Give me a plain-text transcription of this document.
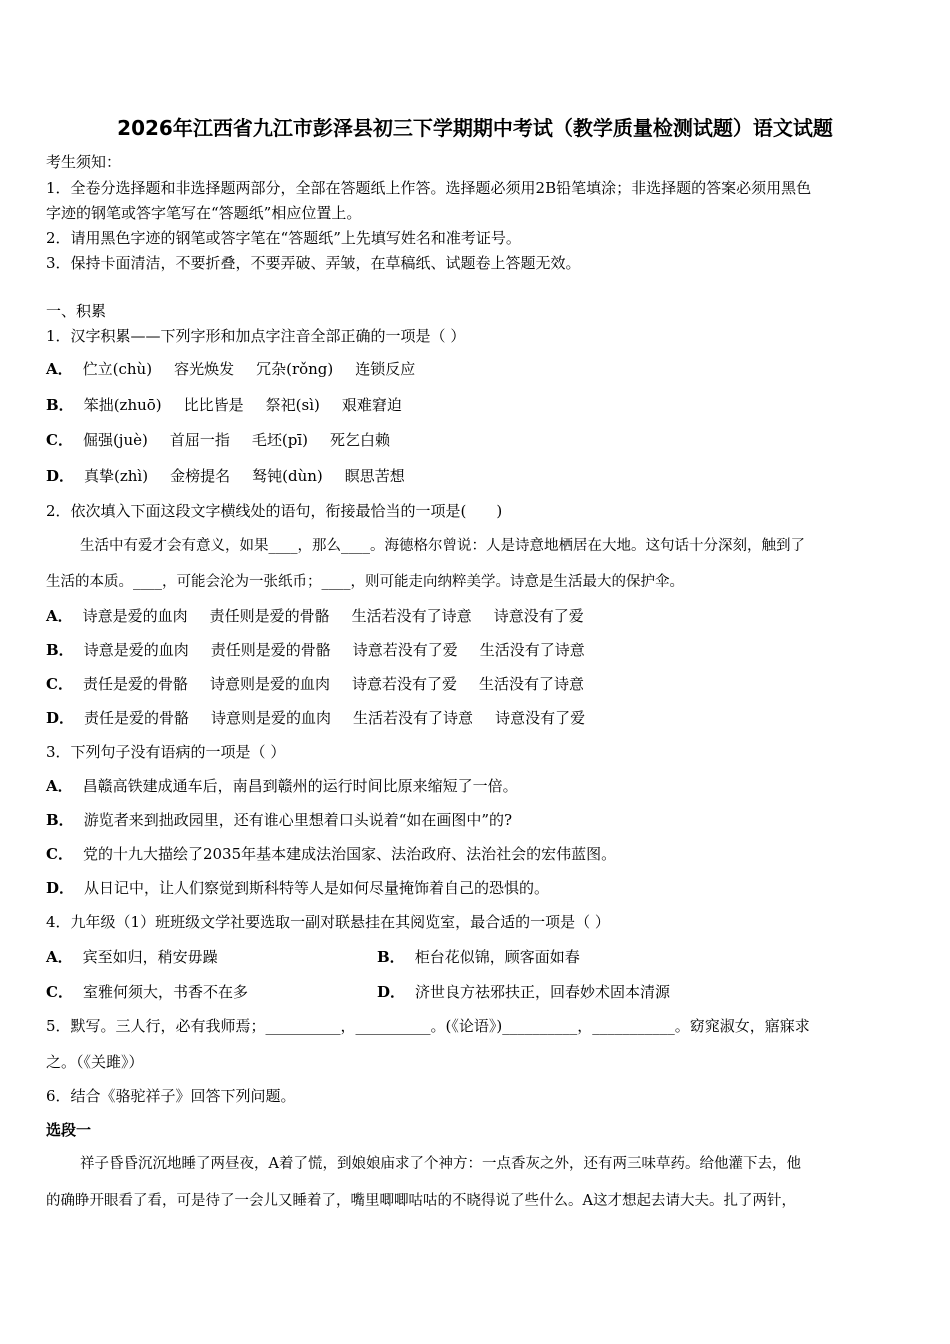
2026年江西省九江市彭泽县初三下学期期中考试（教学质量检测试题）语文试题
考生须知：
1．全卷分选择题和非选择题两部分，全部在答题纸上作答。选择题必须用2B铅笔填涂；非选择题的答案必须用黑色
字迹的钢笔或答字笔写在“答题纸”相应位置上。
2．请用黑色字迹的钢笔或答字笔在“答题纸”上先填写姓名和准考证号。
3．保持卡面清洁，不要折叠，不要弄破、弄皱，在草稿纸、试题卷上答题无效。
一、积累
1．汉字积累——下列字形和加点字注音全部正确的一项是（ ）
A． 伫立(chù) 容光焕发 冗杂(rǒng) 连锁反应
B． 笨拙(zhuō) 比比皆是 祭祀(sì) 艰难窘迫
C． 倔强(juè) 首屈一指 毛坯(pī) 死乞白赖
D． 真挚(zhì) 金榜提名 驽钝(dùn) 瞑思苦想
2．依次填入下面这段文字横线处的语句，衔接最恰当的一项是(　　)
生活中有爱才会有意义，如果____，那么____。海德格尔曾说：人是诗意地栖居在大地。这句话十分深刻，触到了
生活的本质。____，可能会沦为一张纸币；____，则可能走向纳粹美学。诗意是生活最大的保护伞。
A． 诗意是爱的血肉 责任则是爱的骨骼 生活若没有了诗意 诗意没有了爱
B． 诗意是爱的血肉 责任则是爱的骨骼 诗意若没有了爱 生活没有了诗意
C． 责任是爱的骨骼 诗意则是爱的血肉 诗意若没有了爱 生活没有了诗意
D． 责任是爱的骨骼 诗意则是爱的血肉 生活若没有了诗意 诗意没有了爱
3．下列句子没有语病的一项是（ ）
A． 昌赣高铁建成通车后，南昌到赣州的运行时间比原来缩短了一倍。
B． 游览者来到拙政园里，还有谁心里想着口头说着“如在画图中”的?
C． 党的十九大描绘了2035年基本建成法治国家、法治政府、法治社会的宏伟蓝图。
D． 从日记中，让人们察觉到斯科特等人是如何尽量掩饰着自己的恐惧的。
4．九年级（1）班班级文学社要选取一副对联悬挂在其阅览室，最合适的一项是（ ）
A． 宾至如归，稍安毋躁	B． 柜台花似锦，顾客面如春
C． 室雅何须大，书香不在多	D． 济世良方祛邪扶正，回春妙术固本清源
5．默写。三人行，必有我师焉；__________，__________。(《论语》)__________，___________。窈窕淑女，寤寐求
之。（《关雎》）
6．结合《骆驼祥子》回答下列问题。
选段一
祥子昏昏沉沉地睡了两昼夜，A着了慌，到娘娘庙求了个神方：一点香灰之外，还有两三味草药。给他灌下去，他
的确睁开眼看了看，可是待了一会儿又睡着了，嘴里唧唧咕咕的不晓得说了些什么。A这才想起去请大夫。扎了两针，
